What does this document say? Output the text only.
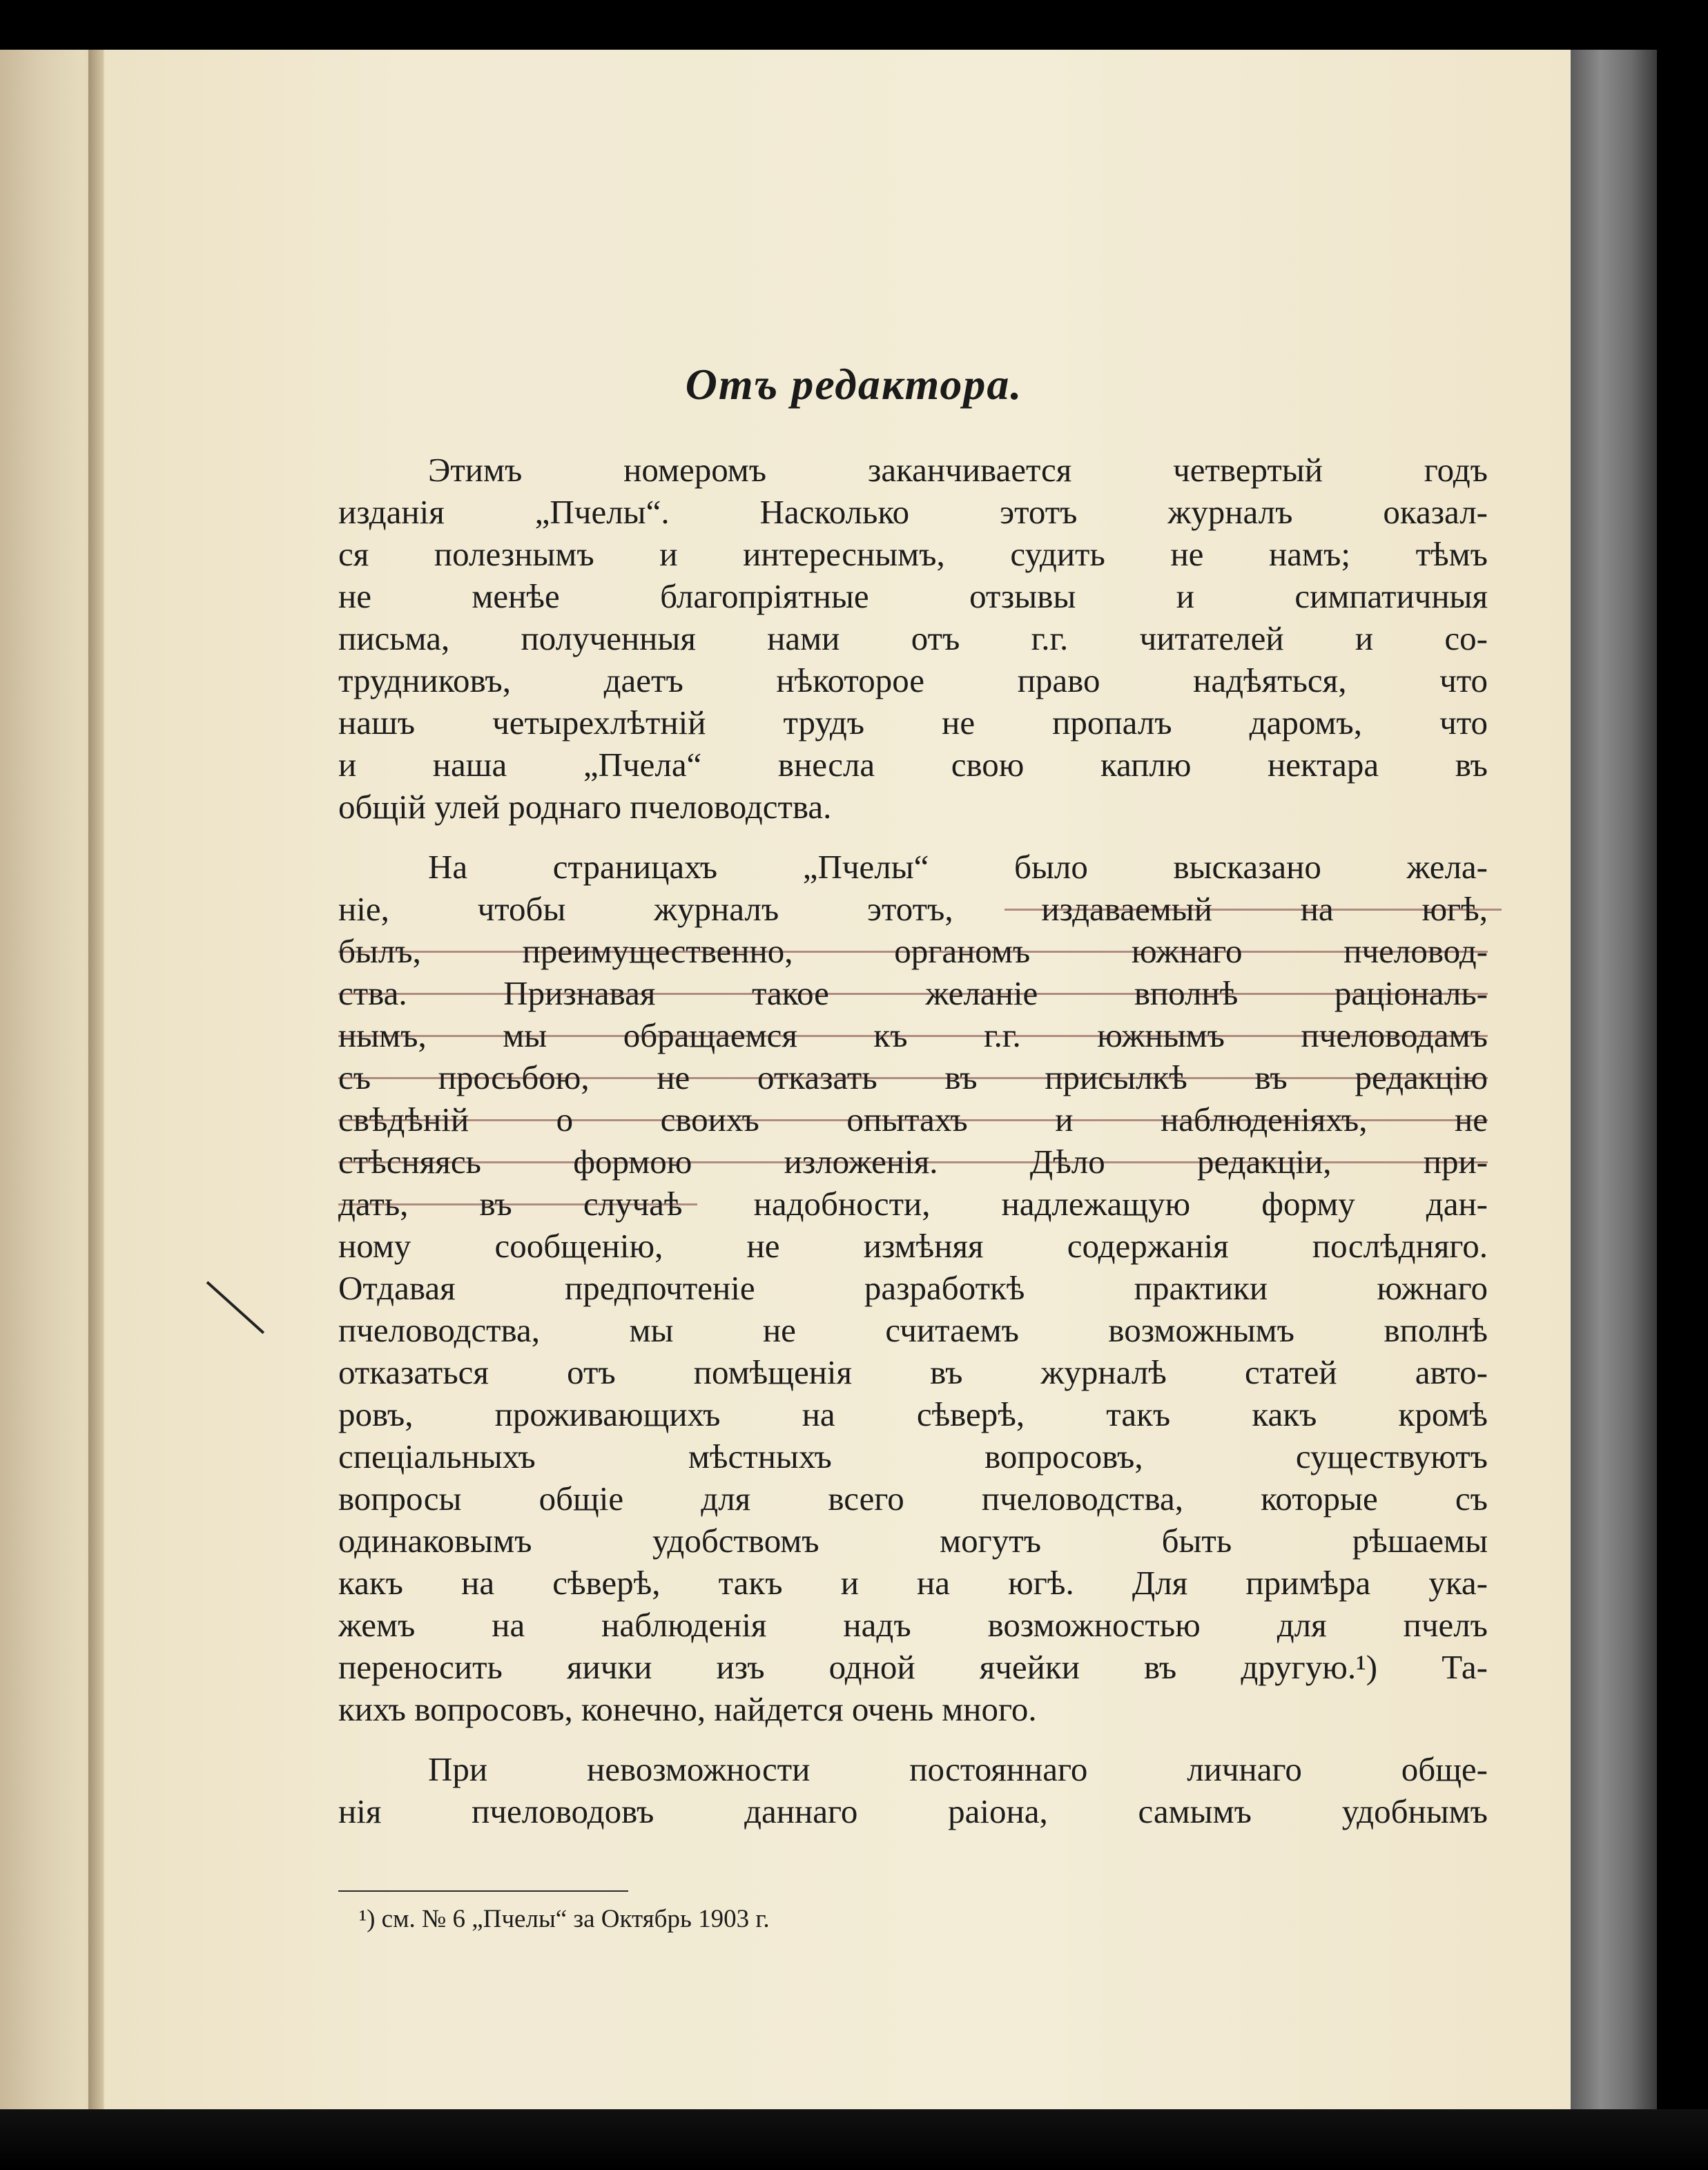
Отъ редактора.
Этимъ номеромъ заканчивается четвертый годъ
изданія „Пчелы“. Насколько этотъ журналъ оказал-
ся полезнымъ и интереснымъ, судить не намъ; тѣмъ
не менѣе благопріятные отзывы и симпатичныя
письма, полученныя нами отъ г.г. читателей и со-
трудниковъ, даетъ нѣкоторое право надѣяться, что
нашъ четырехлѣтній трудъ не пропалъ даромъ, что
и наша „Пчела“ внесла свою каплю нектара въ
общій улей роднаго пчеловодства.
На страницахъ „Пчелы“ было высказано жела-
ніе, чтобы журналъ этотъ, издаваемый на югѣ,
былъ, преимущественно, органомъ южнаго пчеловод-
ства. Признавая такое желаніе вполнѣ раціональ-
нымъ, мы обращаемся къ г.г. южнымъ пчеловодамъ
съ просьбою, не отказать въ присылкѣ въ редакцію
свѣдѣній о своихъ опытахъ и наблюденіяхъ, не
стѣсняясь формою изложенія. Дѣло редакціи, при-
дать, въ случаѣ надобности, надлежащую форму дан-
ному сообщенію, не измѣняя содержанія послѣдняго.
Отдавая предпочтеніе разработкѣ практики южнаго
пчеловодства, мы не считаемъ возможнымъ вполнѣ
отказаться отъ помѣщенія въ журналѣ статей авто-
ровъ, проживающихъ на сѣверѣ, такъ какъ кромѣ
спеціальныхъ мѣстныхъ вопросовъ, существуютъ
вопросы общіе для всего пчеловодства, которые съ
одинаковымъ удобствомъ могутъ быть рѣшаемы
какъ на сѣверѣ, такъ и на югѣ. Для примѣра ука-
жемъ на наблюденія надъ возможностью для пчелъ
переносить яички изъ одной ячейки въ другую.¹) Та-
кихъ вопросовъ, конечно, найдется очень много.
При невозможности постояннаго личнаго обще-
нія пчеловодовъ даннаго раіона, самымъ удобнымъ
¹) см. № 6 „Пчелы“ за Октябрь 1903 г.
